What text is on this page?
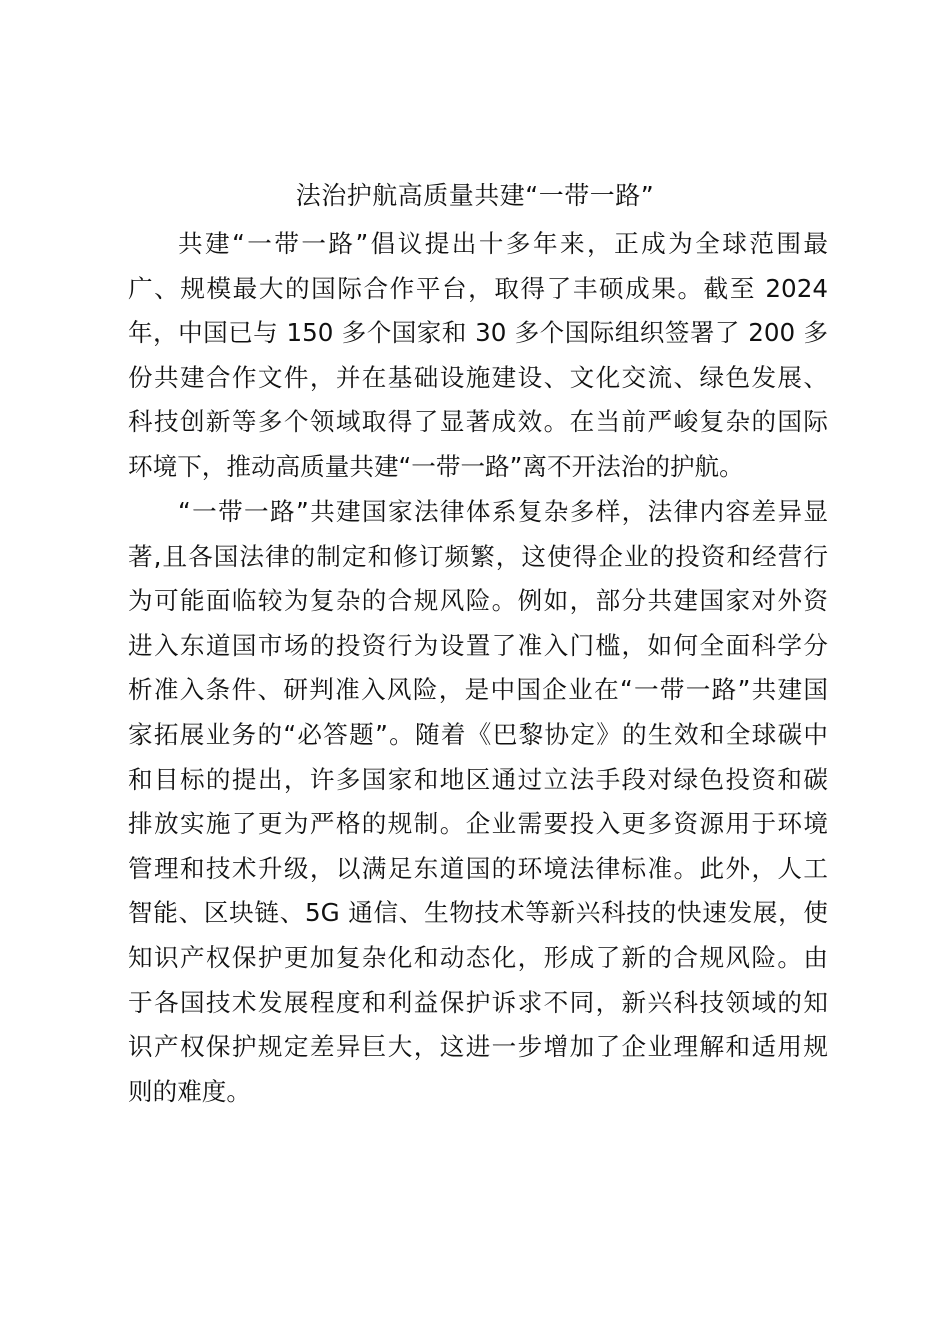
法治护航高质量共建“一带一路”
共建“一带一路”倡议提出十多年来，正成为全球范围最
广、规模最大的国际合作平台，取得了丰硕成果。截至 2024
年，中国已与 150 多个国家和 30 多个国际组织签署了 200 多
份共建合作文件，并在基础设施建设、文化交流、绿色发展、
科技创新等多个领域取得了显著成效。在当前严峻复杂的国际
环境下，推动高质量共建“一带一路”离不开法治的护航。
“一带一路”共建国家法律体系复杂多样，法律内容差异显
著,且各国法律的制定和修订频繁，这使得企业的投资和经营行
为可能面临较为复杂的合规风险。例如，部分共建国家对外资
进入东道国市场的投资行为设置了准入门槛，如何全面科学分
析准入条件、研判准入风险，是中国企业在“一带一路”共建国
家拓展业务的“必答题”。随着《巴黎协定》的生效和全球碳中
和目标的提出，许多国家和地区通过立法手段对绿色投资和碳
排放实施了更为严格的规制。企业需要投入更多资源用于环境
管理和技术升级，以满足东道国的环境法律标准。此外，人工
智能、区块链、5G 通信、生物技术等新兴科技的快速发展，使
知识产权保护更加复杂化和动态化，形成了新的合规风险。由
于各国技术发展程度和利益保护诉求不同，新兴科技领域的知
识产权保护规定差异巨大，这进一步增加了企业理解和适用规
则的难度。
